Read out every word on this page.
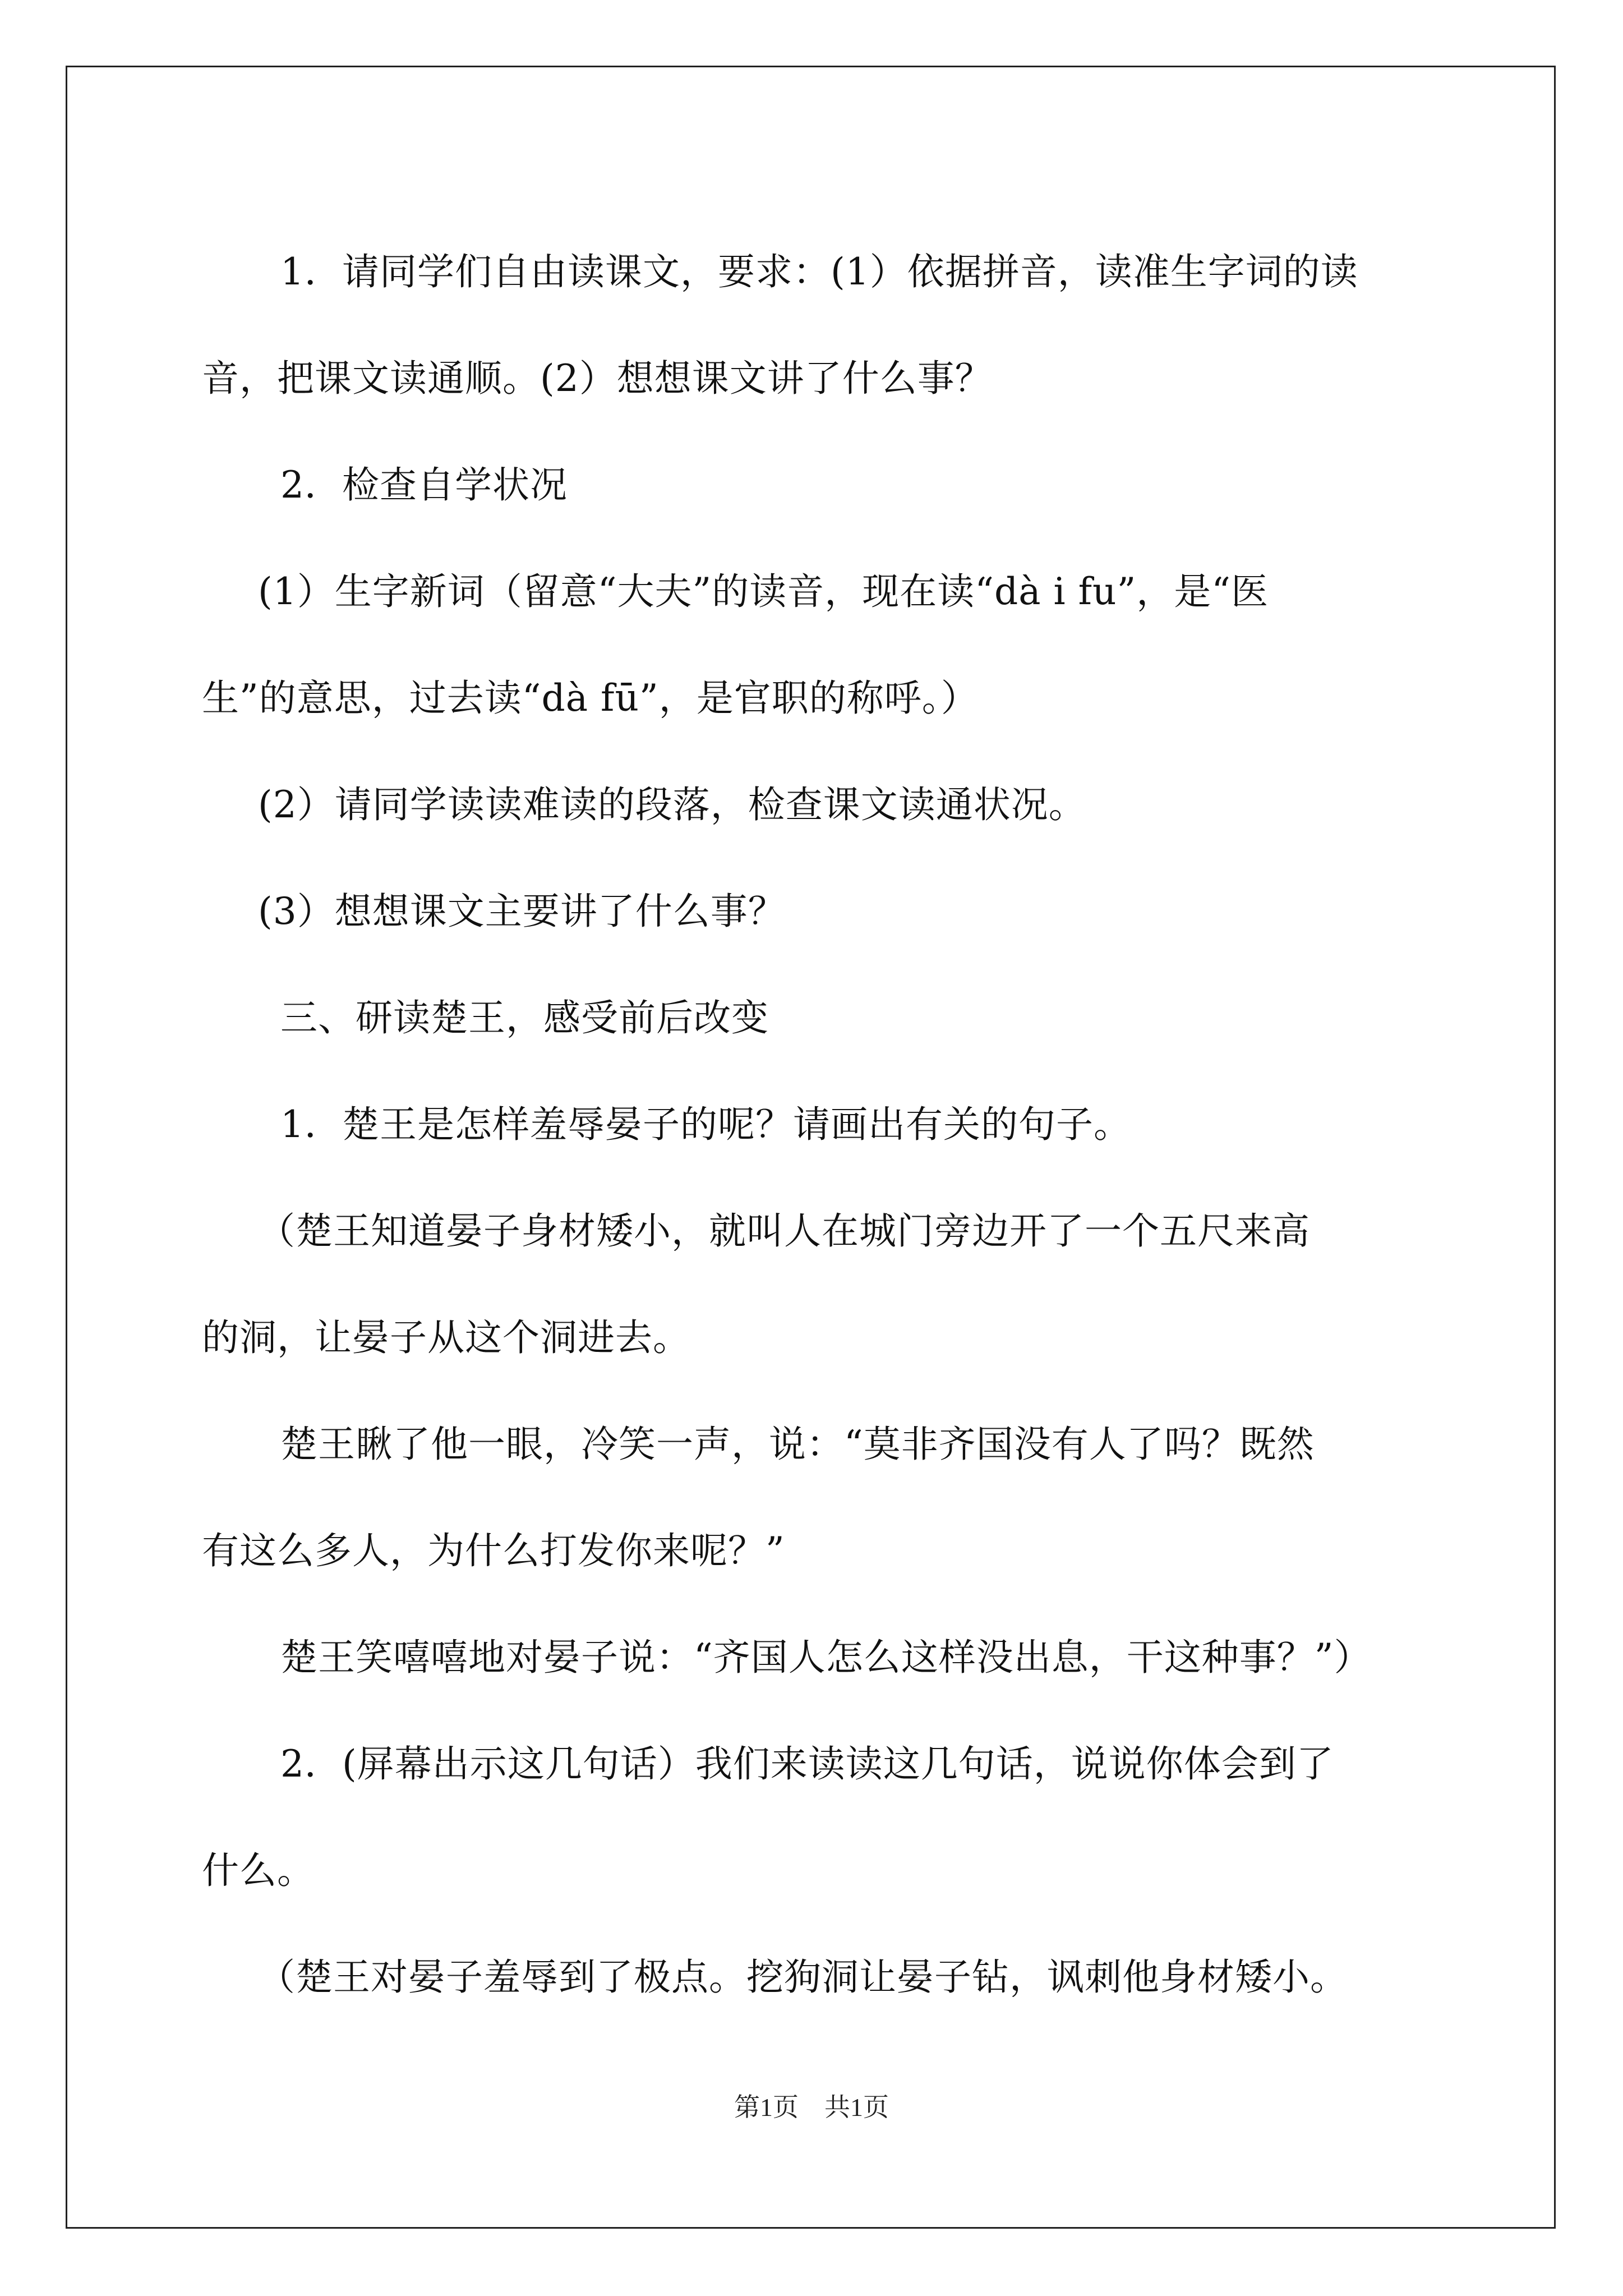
1．请同学们自由读课文，要求：(1）依据拼音，读准生字词的读

音，把课文读通顺。(2）想想课文讲了什么事？

2．检查自学状况

(1）生字新词（留意“大夫”的读音，现在读“dà i fu”，是“医

生”的意思，过去读“dà fū”，是官职的称呼。）

(2）请同学读读难读的段落，检查课文读通状况。

(3）想想课文主要讲了什么事？

三、研读楚王，感受前后改变

1．楚王是怎样羞辱晏子的呢？请画出有关的句子。

（楚王知道晏子身材矮小，就叫人在城门旁边开了一个五尺来高

的洞，让晏子从这个洞进去。

楚王瞅了他一眼，冷笑一声，说：“莫非齐国没有人了吗？既然

有这么多人，为什么打发你来呢？”

楚王笑嘻嘻地对晏子说：“齐国人怎么这样没出息，干这种事？”）

2．(屏幕出示这几句话）我们来读读这几句话，说说你体会到了

什么。

（楚王对晏子羞辱到了极点。挖狗洞让晏子钻，讽刺他身材矮小。

第1页　共1页
